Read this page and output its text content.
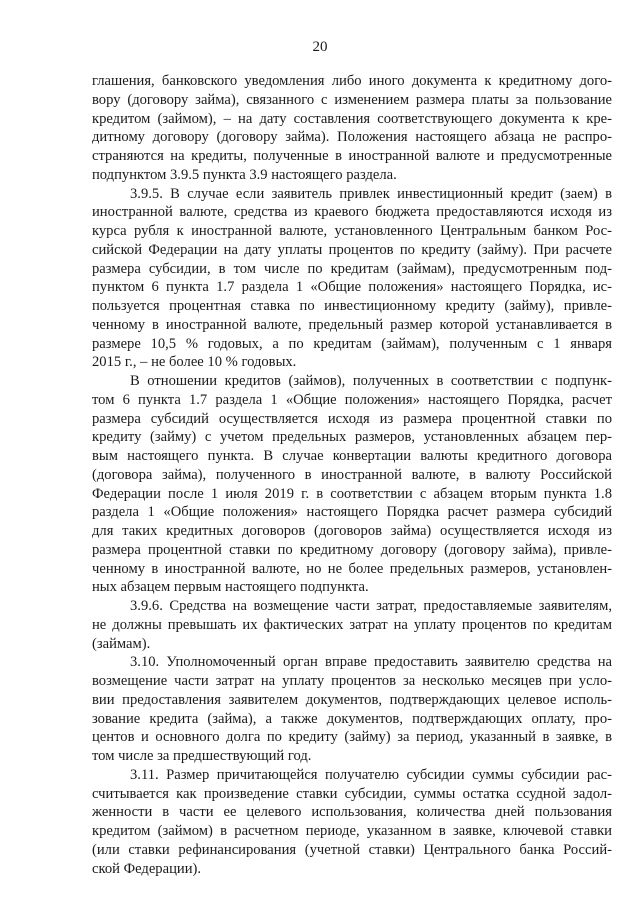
20
глашения, банковского уведомления либо иного документа к кредитному дого-
вору (договору займа), связанного с изменением размера платы за пользование
кредитом (займом), – на дату составления соответствующего документа к кре-
дитному договору (договору займа). Положения настоящего абзаца не распро-
страняются на кредиты, полученные в иностранной валюте и предусмотренные
подпунктом 3.9.5 пункта 3.9 настоящего раздела.
3.9.5. В случае если заявитель привлек инвестиционный кредит (заем) в
иностранной валюте, средства из краевого бюджета предоставляются исходя из
курса рубля к иностранной валюте, установленного Центральным банком Рос-
сийской Федерации на дату уплаты процентов по кредиту (займу). При расчете
размера субсидии, в том числе по кредитам (займам), предусмотренным под-
пунктом 6 пункта 1.7 раздела 1 «Общие положения» настоящего Порядка, ис-
пользуется процентная ставка по инвестиционному кредиту (займу), привле-
ченному в иностранной валюте, предельный размер которой устанавливается в
размере 10,5 % годовых, а по кредитам (займам), полученным с 1 января
2015 г., – не более 10 % годовых.
В отношении кредитов (займов), полученных в соответствии с подпунк-
том 6 пункта 1.7 раздела 1 «Общие положения» настоящего Порядка, расчет
размера субсидий осуществляется исходя из размера процентной ставки по
кредиту (займу) с учетом предельных размеров, установленных абзацем пер-
вым настоящего пункта. В случае конвертации валюты кредитного договора
(договора займа), полученного в иностранной валюте, в валюту Российской
Федерации после 1 июля 2019 г. в соответствии с абзацем вторым пункта 1.8
раздела 1 «Общие положения» настоящего Порядка расчет размера субсидий
для таких кредитных договоров (договоров займа) осуществляется исходя из
размера процентной ставки по кредитному договору (договору займа), привле-
ченному в иностранной валюте, но не более предельных размеров, установлен-
ных абзацем первым настоящего подпункта.
3.9.6. Средства на возмещение части затрат, предоставляемые заявителям,
не должны превышать их фактических затрат на уплату процентов по кредитам
(займам).
3.10. Уполномоченный орган вправе предоставить заявителю средства на
возмещение части затрат на уплату процентов за несколько месяцев при усло-
вии предоставления заявителем документов, подтверждающих целевое исполь-
зование кредита (займа), а также документов, подтверждающих оплату, про-
центов и основного долга по кредиту (займу) за период, указанный в заявке, в
том числе за предшествующий год.
3.11. Размер причитающейся получателю субсидии суммы субсидии рас-
считывается как произведение ставки субсидии, суммы остатка ссудной задол-
женности в части ее целевого использования, количества дней пользования
кредитом (займом) в расчетном периоде, указанном в заявке, ключевой ставки
(или ставки рефинансирования (учетной ставки) Центрального банка Россий-
ской Федерации).
